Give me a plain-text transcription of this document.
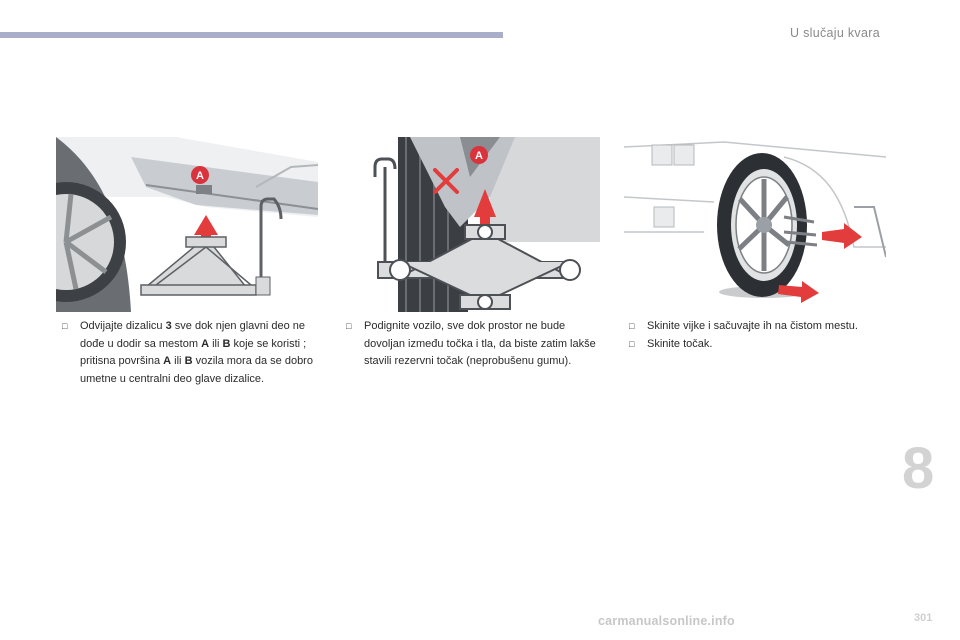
U slučaju kvara
A
A
□ Odvijajte dizalicu 3 sve dok njen glavni deo ne dođe u dodir sa mestom A ili B koje se koristi ; pritisna površina A ili B vozila mora da se dobro umetne u centralni deo glave dizalice.
□ Podignite vozilo, sve dok prostor ne bude dovoljan između točka i tla, da biste zatim lakše stavili rezervni točak (neprobušenu gumu).
□ Skinite vijke i sačuvajte ih na čistom mestu.
□ Skinite točak.
8
carmanualsonline.info	301
